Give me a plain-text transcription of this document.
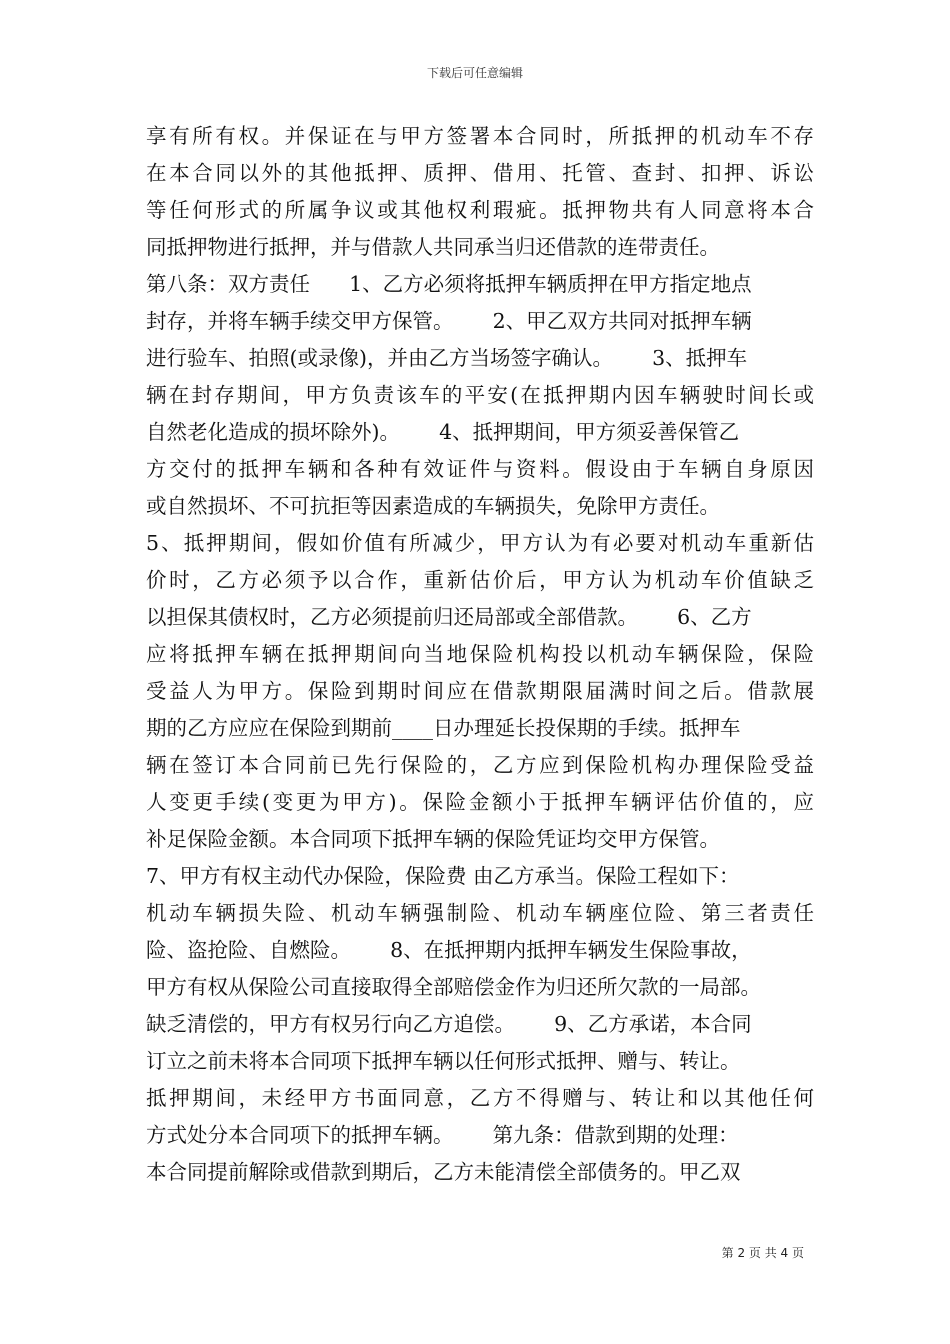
下载后可任意编辑
享有所有权。并保证在与甲方签署本合同时，所抵押的机动车不存
在本合同以外的其他抵押、质押、借用、托管、查封、扣押、诉讼
等任何形式的所属争议或其他权利瑕疵。抵押物共有人同意将本合
同抵押物进行抵押，并与借款人共同承当归还借款的连带责任。
第八条：双方责任      1、乙方必须将抵押车辆质押在甲方指定地点
封存，并将车辆手续交甲方保管。      2、甲乙双方共同对抵押车辆
进行验车、拍照(或录像)，并由乙方当场签字确认。      3、抵押车
辆在封存期间，甲方负责该车的平安(在抵押期内因车辆驶时间长或
自然老化造成的损坏除外)。      4、抵押期间，甲方须妥善保管乙
方交付的抵押车辆和各种有效证件与资料。假设由于车辆自身原因
或自然损坏、不可抗拒等因素造成的车辆损失，免除甲方责任。
5、抵押期间，假如价值有所减少，甲方认为有必要对机动车重新估
价时，乙方必须予以合作，重新估价后，甲方认为机动车价值缺乏
以担保其债权时，乙方必须提前归还局部或全部借款。      6、乙方
应将抵押车辆在抵押期间向当地保险机构投以机动车辆保险，保险
受益人为甲方。保险到期时间应在借款期限届满时间之后。借款展
期的乙方应应在保险到期前____日办理延长投保期的手续。抵押车
辆在签订本合同前已先行保险的，乙方应到保险机构办理保险受益
人变更手续(变更为甲方)。保险金额小于抵押车辆评估价值的，应
补足保险金额。本合同项下抵押车辆的保险凭证均交甲方保管。
7、甲方有权主动代办保险，保险费 由乙方承当。保险工程如下：
机动车辆损失险、机动车辆强制险、机动车辆座位险、第三者责任
险、盗抢险、自燃险。      8、在抵押期内抵押车辆发生保险事故，
甲方有权从保险公司直接取得全部赔偿金作为归还所欠款的一局部。
缺乏清偿的，甲方有权另行向乙方追偿。      9、乙方承诺，本合同
订立之前未将本合同项下抵押车辆以任何形式抵押、赠与、转让。
抵押期间，未经甲方书面同意，乙方不得赠与、转让和以其他任何
方式处分本合同项下的抵押车辆。      第九条：借款到期的处理：
本合同提前解除或借款到期后，乙方未能清偿全部债务的。甲乙双
第 2 页 共 4 页
